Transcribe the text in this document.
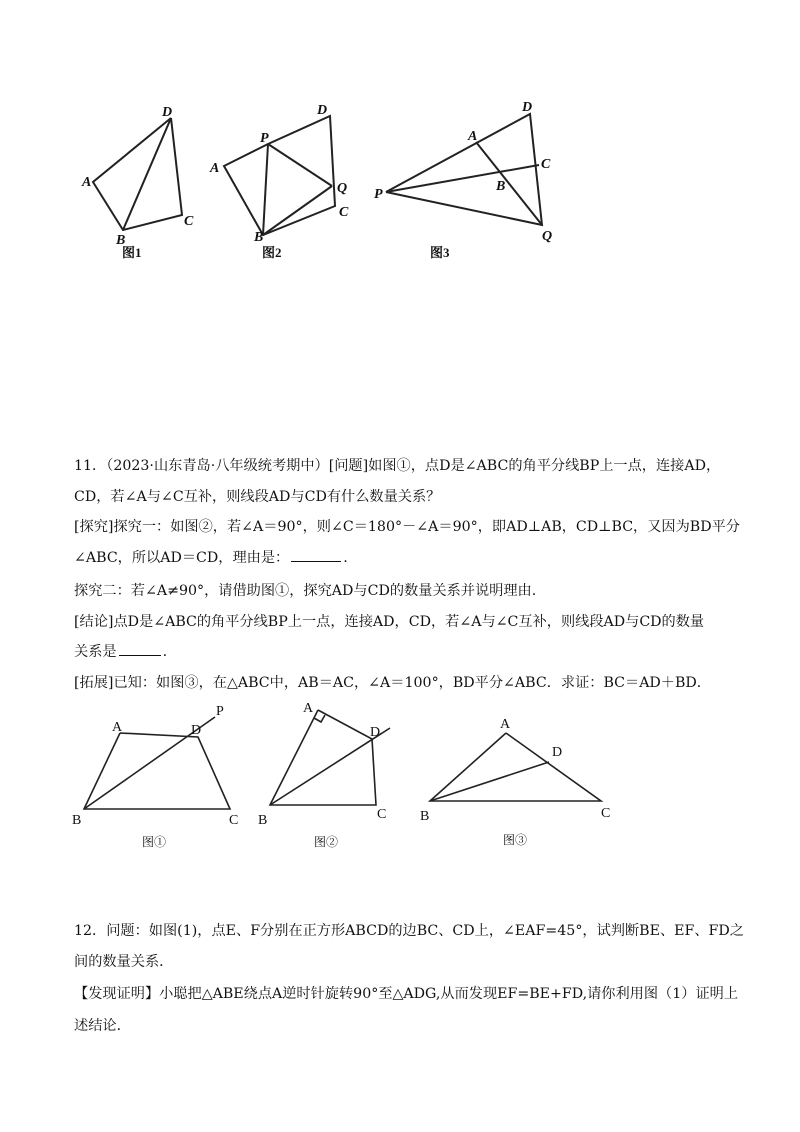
D
A
B
C
图1
D
P
A
Q
C
B
图2
D
A
C
B
P
Q
图3
11．（2023·山东青岛·八年级统考期中）[问题]如图①，点D是∠ABC的角平分线BP上一点，连接AD，
CD，若∠A与∠C互补，则线段AD与CD有什么数量关系？
[探究]探究一：如图②，若∠A＝90°，则∠C＝180°－∠A＝90°，即AD⊥AB，CD⊥BC，又因为BD平分
∠ABC，所以AD＝CD，理由是：	.
探究二：若∠A≠90°，请借助图①，探究AD与CD的数量关系并说明理由.
[结论]点D是∠ABC的角平分线BP上一点，连接AD，CD，若∠A与∠C互补，则线段AD与CD的数量
关系是	.
[拓展]已知：如图③，在△ABC中，AB＝AC，∠A＝100°，BD平分∠ABC．求证：BC＝AD＋BD．
A	D
P
B	C
图①
A
D
B	C
图②
A
D
B	C
图③
12．问题：如图(1)，点E、F分别在正方形ABCD的边BC、CD上，∠EAF=45°，试判断BE、EF、FD之
间的数量关系．
【发现证明】小聪把△ABE绕点A逆时针旋转90°至△ADG,从而发现EF=BE+FD,请你利用图（1）证明上
述结论．
